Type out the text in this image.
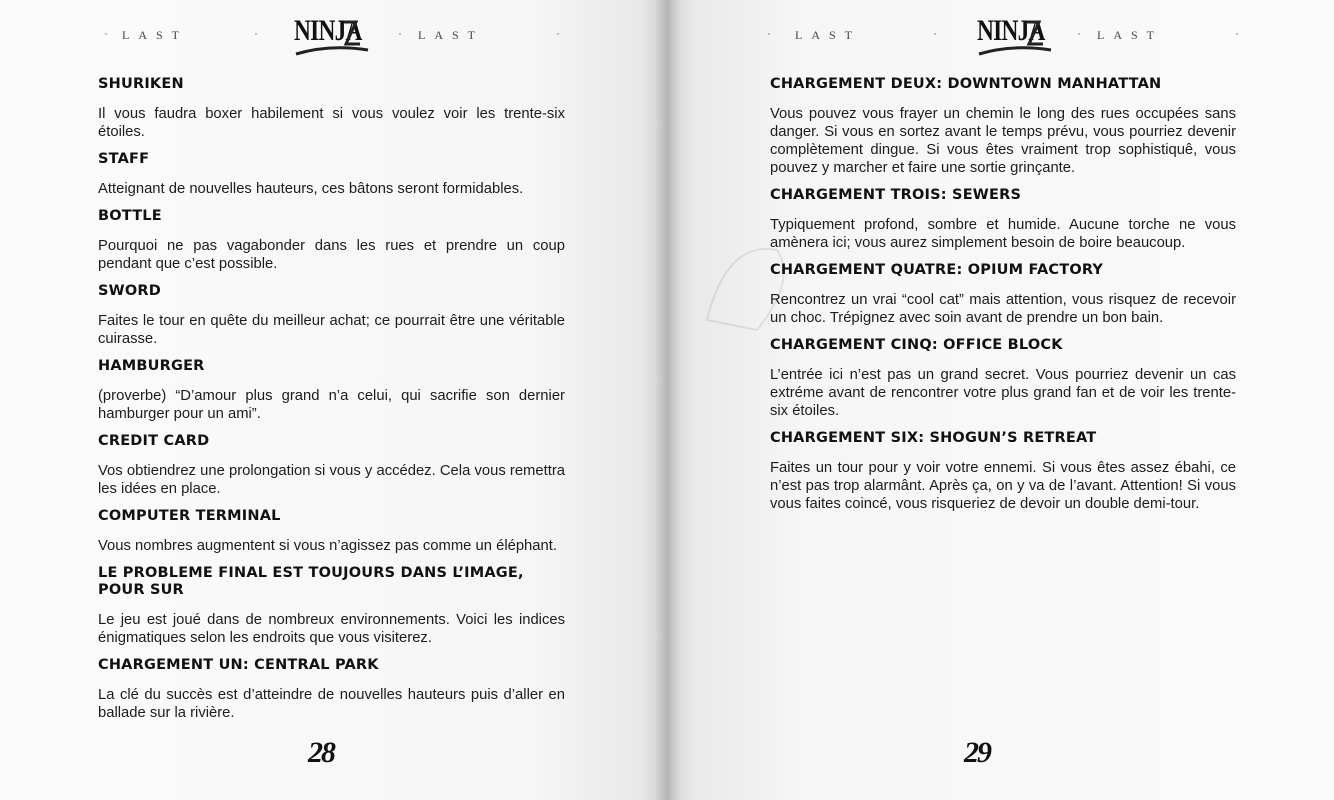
· LAST	· NINJA	· LAST	·
SHURIKEN
Il vous faudra boxer habilement si vous voulez voir les trente-six étoiles.
STAFF
Atteignant de nouvelles hauteurs, ces bâtons seront formidables.
BOTTLE
Pourquoi ne pas vagabonder dans les rues et prendre un coup pendant que c’est possible.
SWORD
Faites le tour en quête du meilleur achat; ce pourrait être une véritable cuirasse.
HAMBURGER
(proverbe) “D’amour plus grand n’a celui, qui sacrifie son dernier hamburger pour un ami”.
CREDIT CARD
Vos obtiendrez une prolongation si vous y accédez. Cela vous remettra les idées en place.
COMPUTER TERMINAL
Vous nombres augmentent si vous n’agissez pas comme un éléphant.
LE PROBLEME FINAL EST TOUJOURS DANS L’IMAGE, POUR SUR
Le jeu est joué dans de nombreux environnements. Voici les indices énigmatiques selon les endroits que vous visiterez.
CHARGEMENT UN: CENTRAL PARK
La clé du succès est d’atteindre de nouvelles hauteurs puis d’aller en ballade sur la rivière.
28
· LAST	· NINJA	· LAST	·
CHARGEMENT DEUX: DOWNTOWN MANHATTAN
Vous pouvez vous frayer un chemin le long des rues occupées sans danger. Si vous en sortez avant le temps prévu, vous pourriez devenir complètement dingue. Si vous êtes vraiment trop sophistiquê, vous pouvez y marcher et faire une sortie grinçante.
CHARGEMENT TROIS: SEWERS
Typiquement profond, sombre et humide. Aucune torche ne vous amènera ici; vous aurez simplement besoin de boire beaucoup.
CHARGEMENT QUATRE: OPIUM FACTORY
Rencontrez un vrai “cool cat” mais attention, vous risquez de recevoir un choc. Trépignez avec soin avant de prendre un bon bain.
CHARGEMENT CINQ: OFFICE BLOCK
L’entrée ici n’est pas un grand secret. Vous pourriez devenir un cas extréme avant de rencontrer votre plus grand fan et de voir les trente-six étoiles.
CHARGEMENT SIX: SHOGUN’S RETREAT
Faites un tour pour y voir votre ennemi. Si vous êtes assez ébahi, ce n’est pas trop alarmânt. Après ça, on y va de l’avant. Attention! Si vous vous faites coincé, vous risqueriez de devoir un double demi-tour.
29
